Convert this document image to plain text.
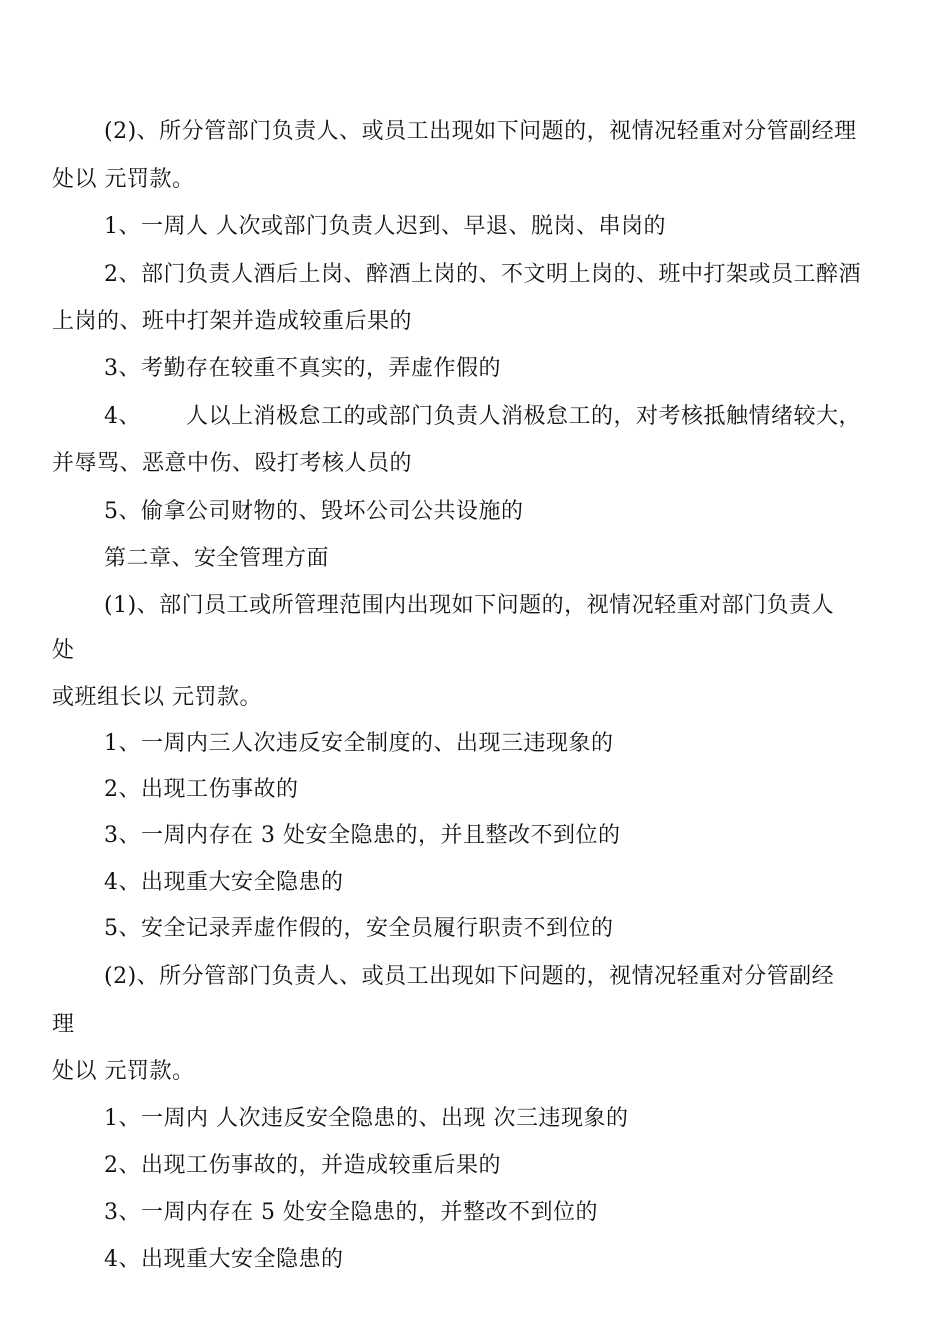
(2)、所分管部门负责人、或员工出现如下问题的，视情况轻重对分管副经理
处以 元罚款。
1、一周人 人次或部门负责人迟到、早退、脱岗、串岗的
2、部门负责人酒后上岗、醉酒上岗的、不文明上岗的、班中打架或员工醉酒
上岗的、班中打架并造成较重后果的
3、考勤存在较重不真实的，弄虚作假的
4、      人以上消极怠工的或部门负责人消极怠工的，对考核抵触情绪较大，
并辱骂、恶意中伤、殴打考核人员的
5、偷拿公司财物的、毁坏公司公共设施的
第二章、安全管理方面
(1)、部门员工或所管理范围内出现如下问题的，视情况轻重对部门负责人
处
或班组长以 元罚款。
1、一周内三人次违反安全制度的、出现三违现象的
2、出现工伤事故的
3、一周内存在 3 处安全隐患的，并且整改不到位的
4、出现重大安全隐患的
5、安全记录弄虚作假的，安全员履行职责不到位的
(2)、所分管部门负责人、或员工出现如下问题的，视情况轻重对分管副经
理
处以 元罚款。
1、一周内 人次违反安全隐患的、出现 次三违现象的
2、出现工伤事故的，并造成较重后果的
3、一周内存在 5 处安全隐患的，并整改不到位的
4、出现重大安全隐患的
